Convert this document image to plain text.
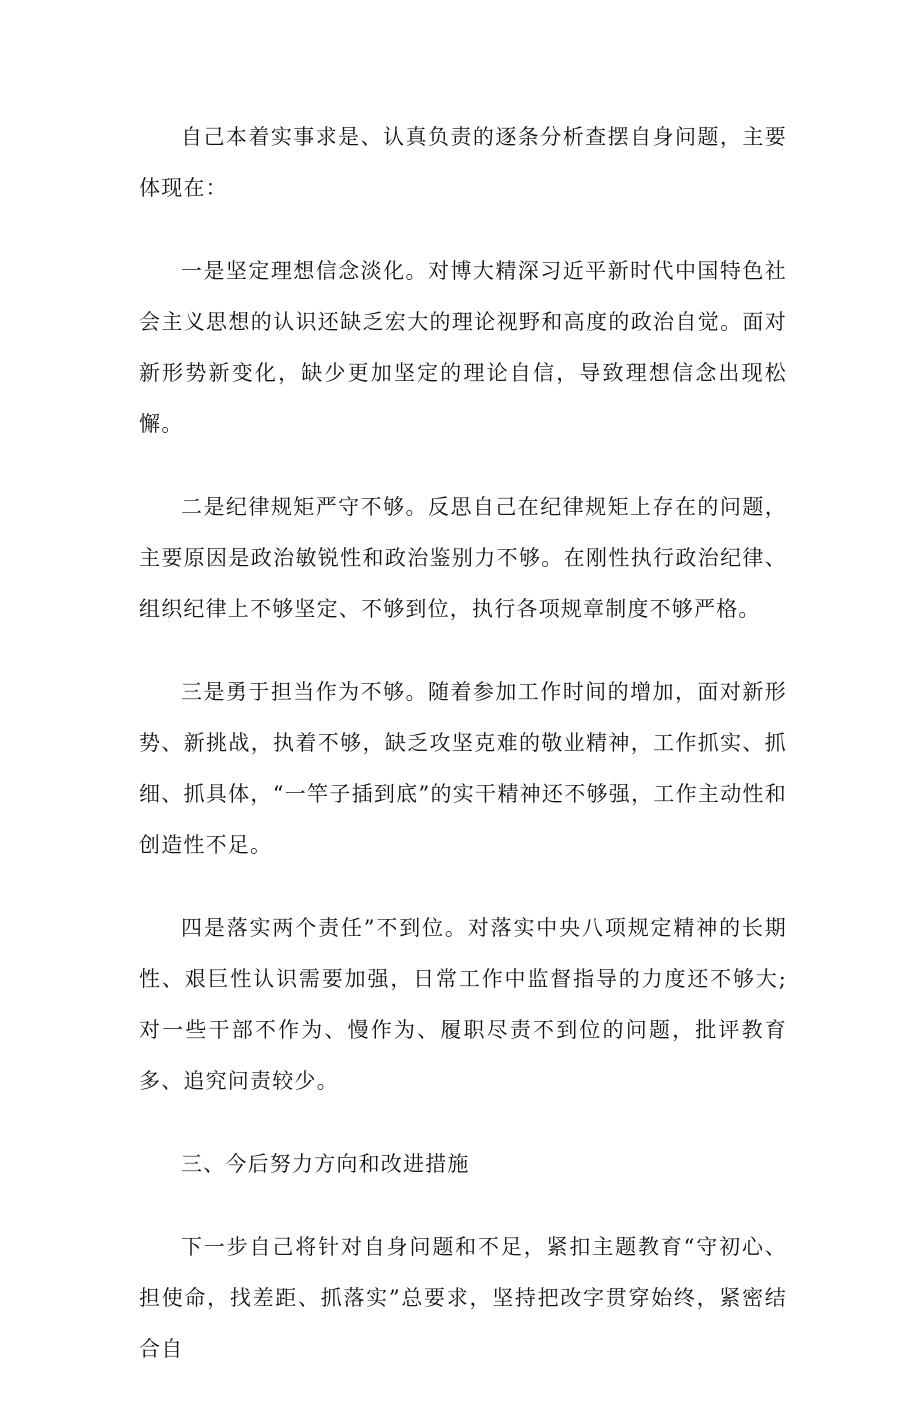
自己本着实事求是、认真负责的逐条分析查摆自身问题，主要体现在：

一是坚定理想信念淡化。对博大精深习近平新时代中国特色社会主义思想的认识还缺乏宏大的理论视野和高度的政治自觉。面对新形势新变化，缺少更加坚定的理论自信，导致理想信念出现松懈。

二是纪律规矩严守不够。反思自己在纪律规矩上存在的问题，主要原因是政治敏锐性和政治鉴别力不够。在刚性执行政治纪律、组织纪律上不够坚定、不够到位，执行各项规章制度不够严格。

三是勇于担当作为不够。随着参加工作时间的增加，面对新形势、新挑战，执着不够，缺乏攻坚克难的敬业精神，工作抓实、抓细、抓具体，“一竿子插到底”的实干精神还不够强，工作主动性和创造性不足。

四是落实两个责任”不到位。对落实中央八项规定精神的长期性、艰巨性认识需要加强，日常工作中监督指导的力度还不够大;对一些干部不作为、慢作为、履职尽责不到位的问题，批评教育多、追究问责较少。

三、今后努力方向和改进措施

下一步自己将针对自身问题和不足，紧扣主题教育“守初心、担使命，找差距、抓落实”总要求，坚持把改字贯穿始终，紧密结合自
